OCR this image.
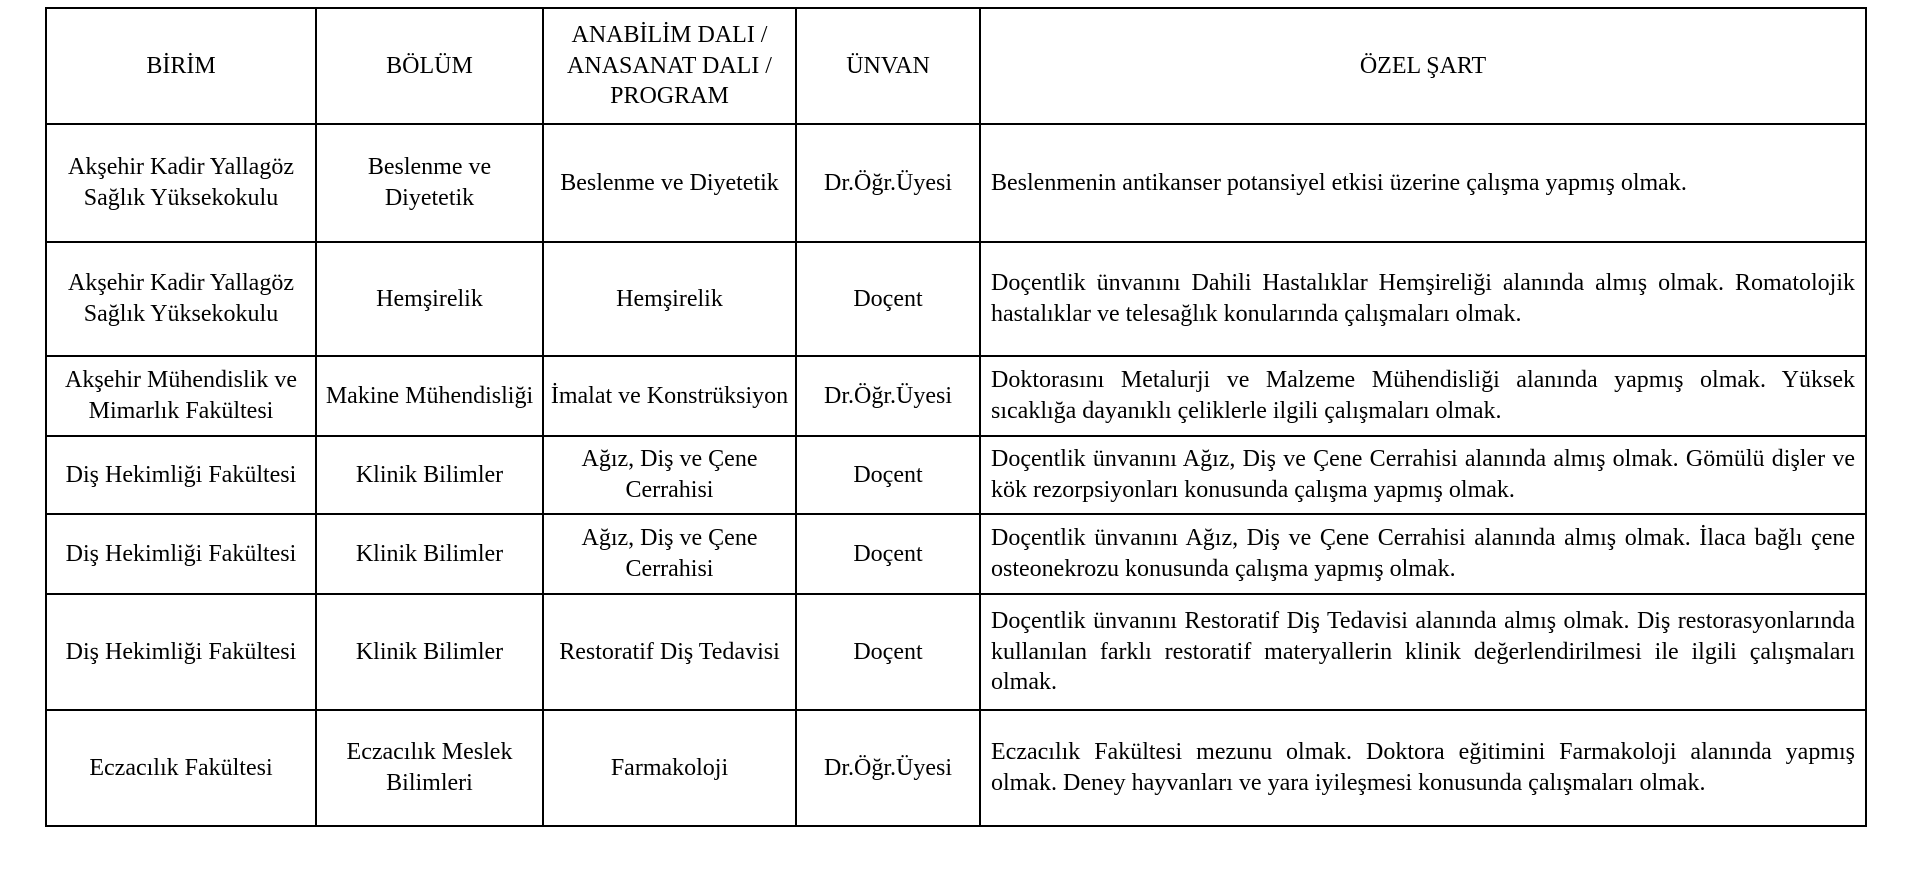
BİRİM	BÖLÜM	ANABİLİM DALI / ANASANAT DALI / PROGRAM	ÜNVAN	ÖZEL ŞART
Akşehir Kadir Yallagöz Sağlık Yüksekokulu	Beslenme ve Diyetetik	Beslenme ve Diyetetik	Dr.Öğr.Üyesi	Beslenmenin antikanser potansiyel etkisi üzerine çalışma yapmış olmak.
Akşehir Kadir Yallagöz Sağlık Yüksekokulu	Hemşirelik	Hemşirelik	Doçent	Doçentlik ünvanını Dahili Hastalıklar Hemşireliği alanında almış olmak. Romatolojik hastalıklar ve telesağlık konularında çalışmaları olmak.
Akşehir Mühendislik ve Mimarlık Fakültesi	Makine Mühendisliği	İmalat ve Konstrüksiyon	Dr.Öğr.Üyesi	Doktorasını Metalurji ve Malzeme Mühendisliği alanında yapmış olmak. Yüksek sıcaklığa dayanıklı çeliklerle ilgili çalışmaları olmak.
Diş Hekimliği Fakültesi	Klinik Bilimler	Ağız, Diş ve Çene Cerrahisi	Doçent	Doçentlik ünvanını Ağız, Diş ve Çene Cerrahisi alanında almış olmak. Gömülü dişler ve kök rezorpsiyonları konusunda çalışma yapmış olmak.
Diş Hekimliği Fakültesi	Klinik Bilimler	Ağız, Diş ve Çene Cerrahisi	Doçent	Doçentlik ünvanını Ağız, Diş ve Çene Cerrahisi alanında almış olmak. İlaca bağlı çene osteonekrozu konusunda çalışma yapmış olmak.
Diş Hekimliği Fakültesi	Klinik Bilimler	Restoratif Diş Tedavisi	Doçent	Doçentlik ünvanını Restoratif Diş Tedavisi alanında almış olmak. Diş restorasyonlarında kullanılan farklı restoratif materyallerin klinik değerlendirilmesi ile ilgili çalışmaları olmak.
Eczacılık Fakültesi	Eczacılık Meslek Bilimleri	Farmakoloji	Dr.Öğr.Üyesi	Eczacılık Fakültesi mezunu olmak. Doktora eğitimini Farmakoloji alanında yapmış olmak. Deney hayvanları ve yara iyileşmesi konusunda çalışmaları olmak.
